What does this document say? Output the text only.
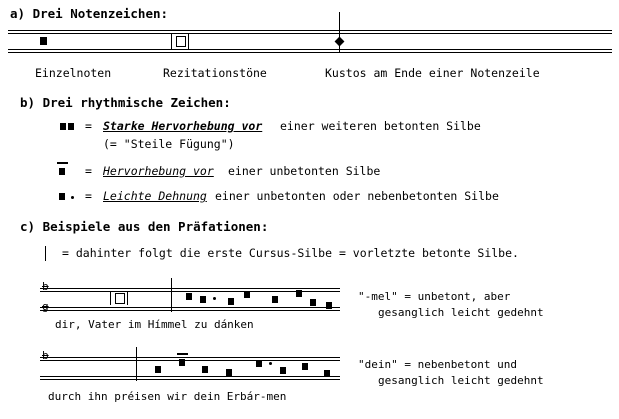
a) Drei Notenzeichen:
Einzelnoten	Rezitationstöne	Kustos am Ende einer Notenzeile
b) Drei rhythmische Zeichen:
= Starke Hervorhebung vor einer weiteren betonten Silbe
(= "Steile Fügung")
= Hervorhebung vor einer unbetonten Silbe
= Leichte Dehnung einer unbetonten oder nebenbetonten Silbe
c) Beispiele aus den Präfationen:
= dahinter folgt die erste Cursus-Silbe = vorletzte betonte Silbe.
b
g
dir, Vater im Hímmel zu dánken
"-mel" = unbetont, aber
gesanglich leicht gedehnt
b
durch ihn préisen wir dein Erbár-men
"dein" = nebenbetont und
gesanglich leicht gedehnt
